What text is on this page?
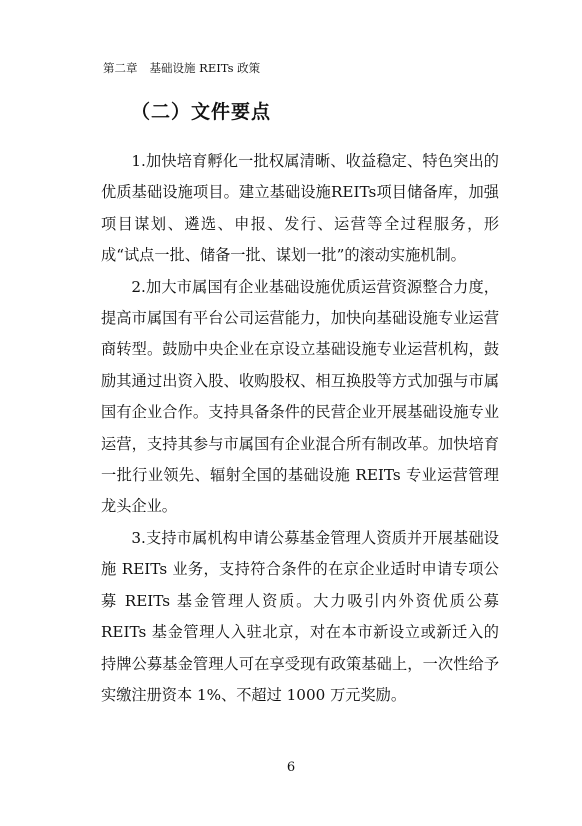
第二章 基础设施 REITs 政策
（二）文件要点

1.加快培育孵化一批权属清晰、收益稳定、特色突出的优质基础设施项目。建立基础设施REITs项目储备库，加强项目谋划、遴选、申报、发行、运营等全过程服务，形成“试点一批、储备一批、谋划一批”的滚动实施机制。

2.加大市属国有企业基础设施优质运营资源整合力度，提高市属国有平台公司运营能力，加快向基础设施专业运营商转型。鼓励中央企业在京设立基础设施专业运营机构，鼓励其通过出资入股、收购股权、相互换股等方式加强与市属国有企业合作。支持具备条件的民营企业开展基础设施专业运营，支持其参与市属国有企业混合所有制改革。加快培育一批行业领先、辐射全国的基础设施 REITs 专业运营管理龙头企业。

3.支持市属机构申请公募基金管理人资质并开展基础设施 REITs 业务，支持符合条件的在京企业适时申请专项公募 REITs 基金管理人资质。大力吸引内外资优质公募 REITs 基金管理人入驻北京，对在本市新设立或新迁入的持牌公募基金管理人可在享受现有政策基础上，一次性给予实缴注册资本 1%、不超过 1000 万元奖励。

6
